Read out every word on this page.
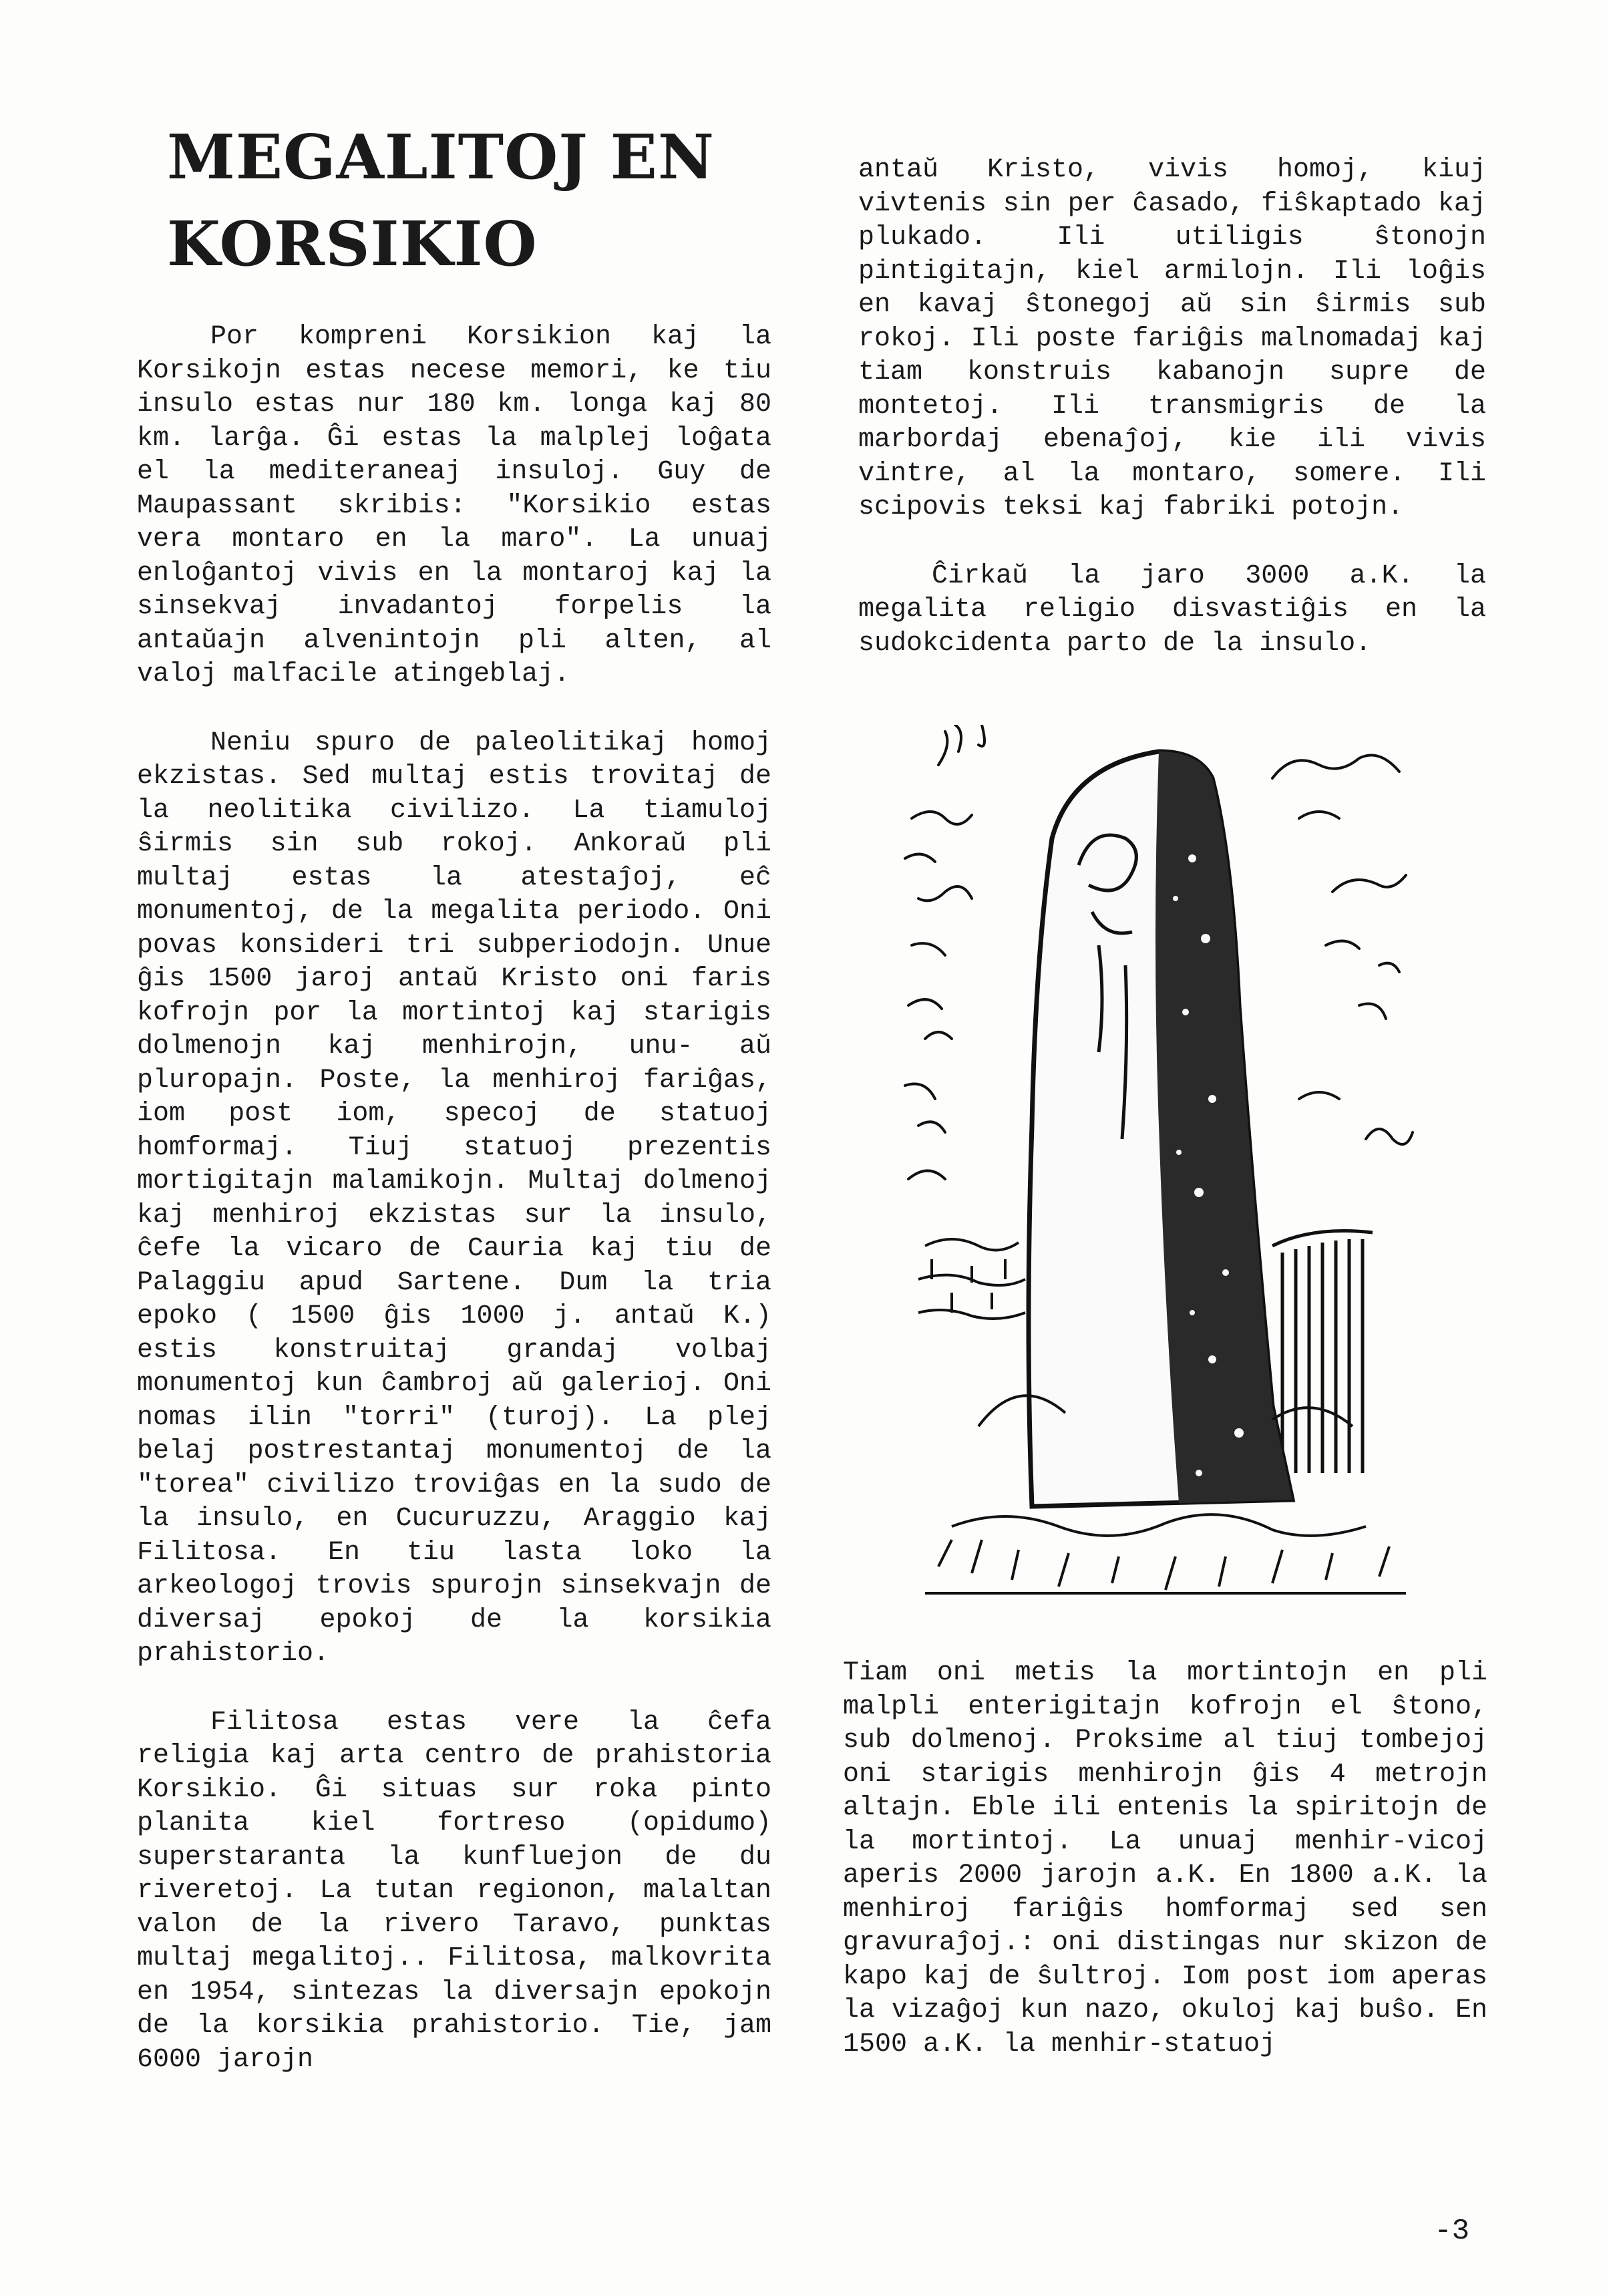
MEGALITOJ EN
KORSIKIO

Por kompreni Korsikion kaj la Korsikojn estas necese memori, ke tiu insulo estas nur 180 km. longa kaj 80 km. larĝa. Ĝi estas la malplej loĝata el la mediteraneaj insuloj. Guy de Maupassant skribis: "Korsikio estas vera montaro en la maro". La unuaj enloĝantoj vivis en la montaroj kaj la sinsekvaj invadantoj forpelis la antaŭajn alvenintojn pli alten, al valoj malfacile atingeblaj.

Neniu spuro de paleolitikaj homoj ekzistas. Sed multaj estis trovitaj de la neolitika civilizo. La tiamuloj ŝirmis sin sub rokoj. Ankoraŭ pli multaj estas la atestaĵoj, eĉ monumentoj, de la megalita periodo. Oni povas konsideri tri subperiodojn. Unue ĝis 1500 jaroj antaŭ Kristo oni faris kofrojn por la mortintoj kaj starigis dolmenojn kaj menhirojn, unu- aŭ pluropajn. Poste, la menhiroj fariĝas, iom post iom, specoj de statuoj homformaj. Tiuj statuoj prezentis mortigitajn malamikojn. Multaj dolmenoj kaj menhiroj ekzistas sur la insulo, ĉefe la vicaro de Cauria kaj tiu de Palaggiu apud Sartene. Dum la tria epoko ( 1500 ĝis 1000 j. antaŭ K.) estis konstruitaj grandaj volbaj monumentoj kun ĉambroj aŭ galerioj. Oni nomas ilin "torri" (turoj). La plej belaj postrestantaj monumentoj de la "torea" civilizo troviĝas en la sudo de la insulo, en Cucuruzzu, Araggio kaj Filitosa. En tiu lasta loko la arkeologoj trovis spurojn sinsekvajn de diversaj epokoj de la korsikia prahistorio.

Filitosa estas vere la ĉefa religia kaj arta centro de prahistoria Korsikio. Ĝi situas sur roka pinto planita kiel fortreso (opidumo) superstaranta la kunfluejon de du riveretoj. La tutan regionon, malaltan valon de la rivero Taravo, punktas multaj megalitoj.. Filitosa, malkovrita en 1954, sintezas la diversajn epokojn de la korsikia prahistorio. Tie, jam 6000 jarojn

antaŭ Kristo, vivis homoj, kiuj vivtenis sin per ĉasado, fiŝkaptado kaj plukado. Ili utiligis ŝtonojn pintigitajn, kiel armilojn. Ili loĝis en kavaj ŝtonegoj aŭ sin ŝirmis sub rokoj. Ili poste fariĝis malnomadaj kaj tiam konstruis kabanojn supre de montetoj. Ili transmigris de la marbordaj ebenaĵoj, kie ili vivis vintre, al la montaro, somere. Ili scipovis teksi kaj fabriki potojn.

Ĉirkaŭ la jaro 3000 a.K. la megalita religio disvastiĝis en la sudokcidenta parto de la insulo.

Tiam oni metis la mortintojn en pli malpli enterigitajn kofrojn el ŝtono, sub dolmenoj. Proksime al tiuj tombejoj oni starigis menhirojn ĝis 4 metrojn altajn. Eble ili entenis la spiritojn de la mortintoj. La unuaj menhir-vicoj aperis 2000 jarojn a.K. En 1800 a.K. la menhiroj fariĝis homformaj sed sen gravuraĵoj.: oni distingas nur skizon de kapo kaj de ŝultroj. Iom post iom aperas la vizaĝoj kun nazo, okuloj kaj buŝo. En 1500 a.K. la menhir-statuoj

-3
